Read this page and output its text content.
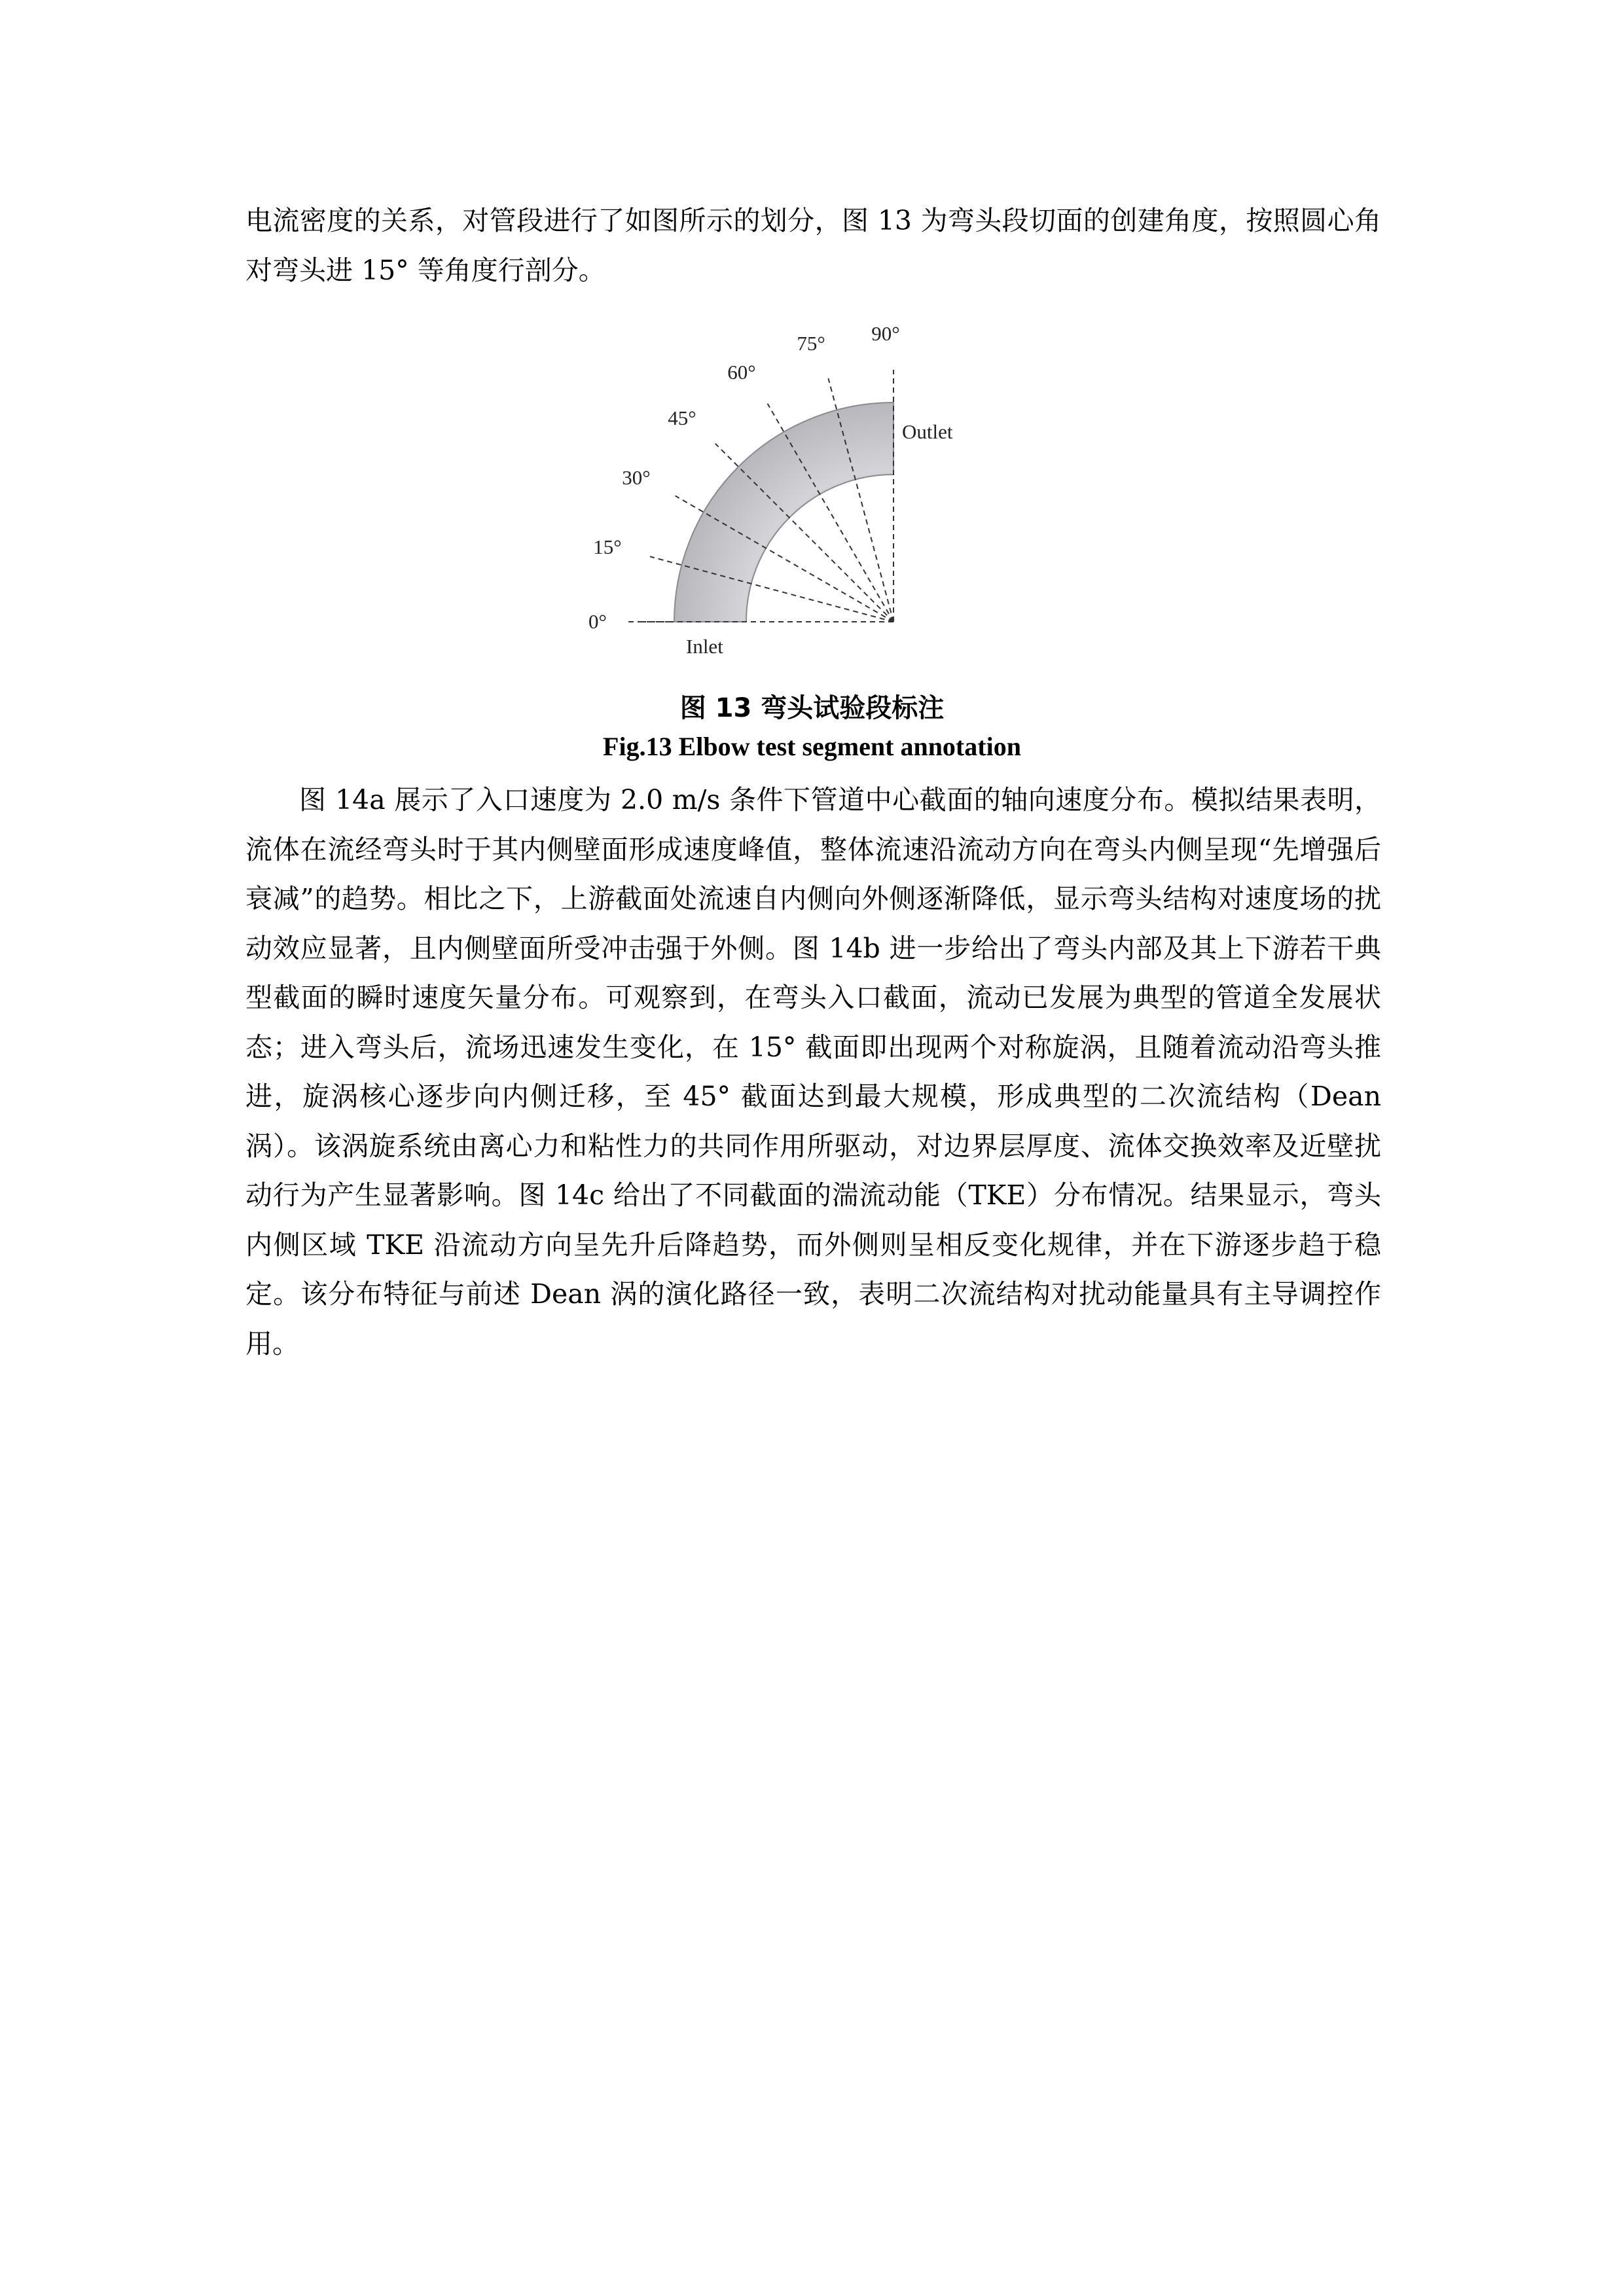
电流密度的关系，对管段进行了如图所示的划分，图 13 为弯头段切面的创建角度，按照圆心角对弯头进 15° 等角度行剖分。

0°
15°
30°
45°
60°
75° 90°
Inlet
Outlet

图 13 弯头试验段标注

Fig.13 Elbow test segment annotation

图 14a 展示了入口速度为 2.0 m/s 条件下管道中心截面的轴向速度分布。模拟结果表明，流体在流经弯头时于其内侧壁面形成速度峰值，整体流速沿流动方向在弯头内侧呈现“先增强后衰减”的趋势。相比之下，上游截面处流速自内侧向外侧逐渐降低，显示弯头结构对速度场的扰动效应显著，且内侧壁面所受冲击强于外侧。图 14b 进一步给出了弯头内部及其上下游若干典型截面的瞬时速度矢量分布。可观察到，在弯头入口截面，流动已发展为典型的管道全发展状态；进入弯头后，流场迅速发生变化，在 15° 截面即出现两个对称旋涡，且随着流动沿弯头推进，旋涡核心逐步向内侧迁移，至 45° 截面达到最大规模，形成典型的二次流结构（Dean 涡）。该涡旋系统由离心力和粘性力的共同作用所驱动，对边界层厚度、流体交换效率及近壁扰动行为产生显著影响。图 14c 给出了不同截面的湍流动能（TKE）分布情况。结果显示，弯头内侧区域 TKE 沿流动方向呈先升后降趋势，而外侧则呈相反变化规律，并在下游逐步趋于稳定。该分布特征与前述 Dean 涡的演化路径一致，表明二次流结构对扰动能量具有主导调控作用。
